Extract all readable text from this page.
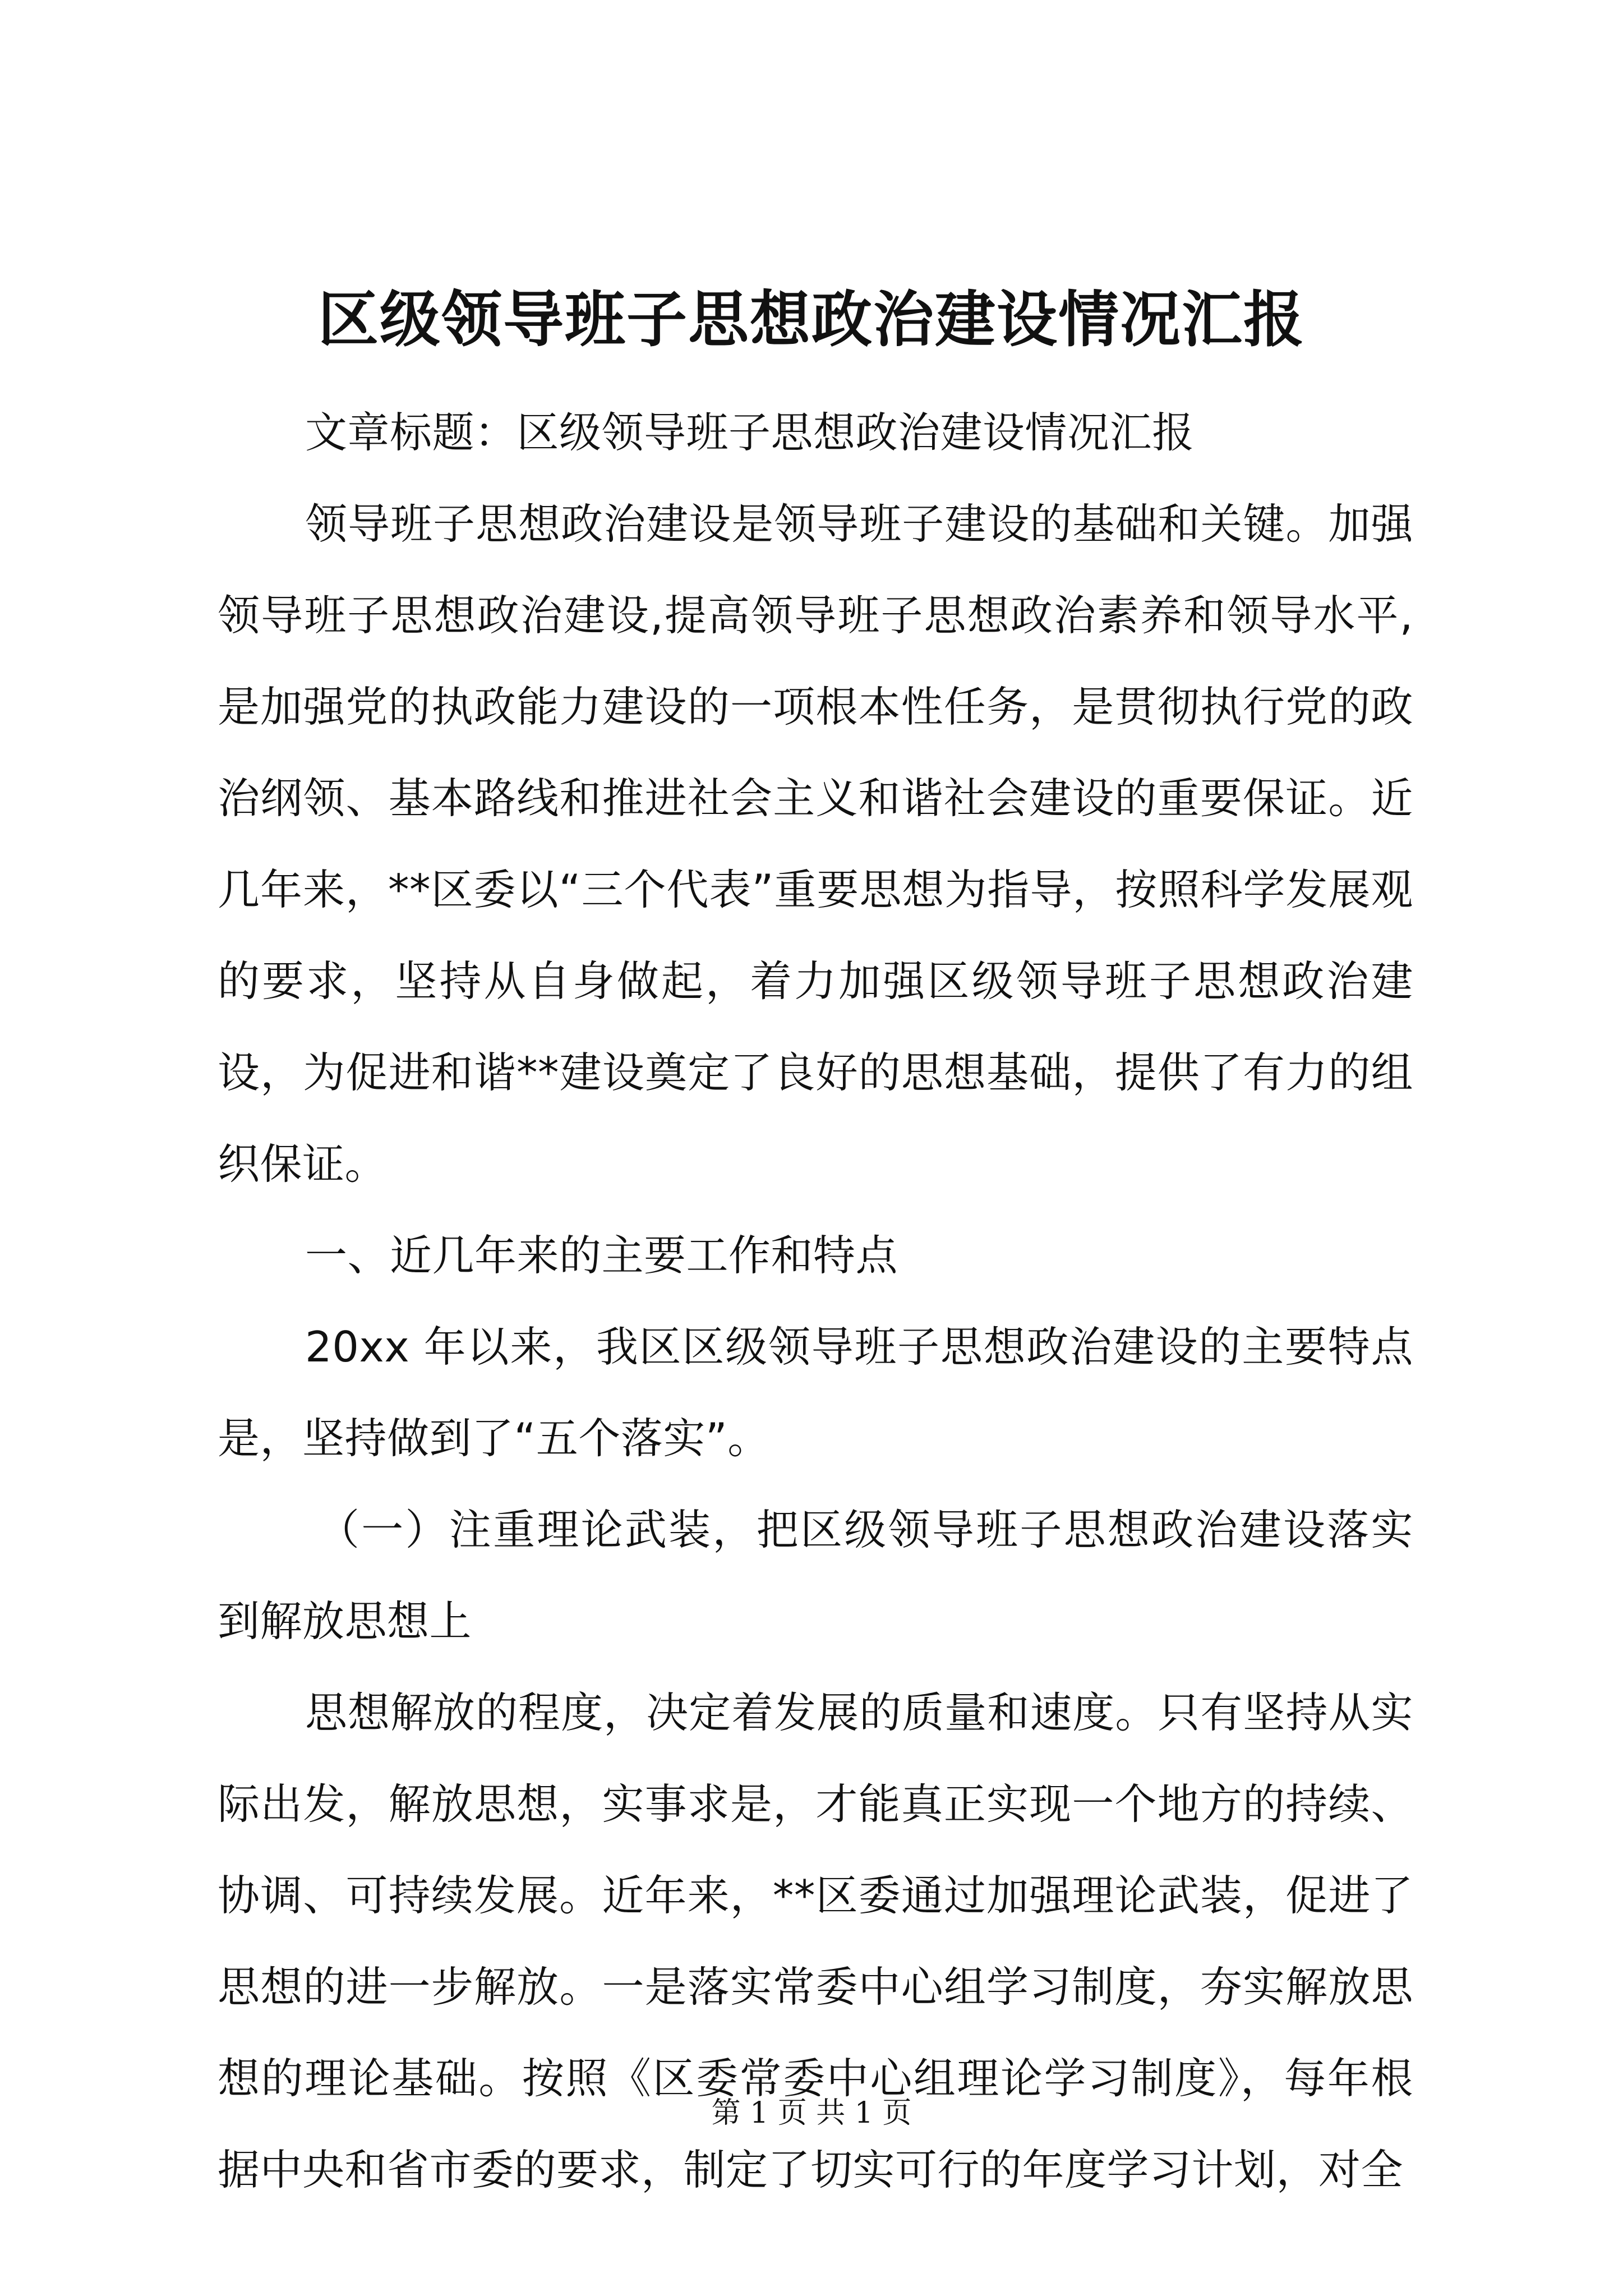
区级领导班子思想政治建设情况汇报

文章标题：区级领导班子思想政治建设情况汇报

领导班子思想政治建设是领导班子建设的基础和关键。加强领导班子思想政治建设,提高领导班子思想政治素养和领导水平,是加强党的执政能力建设的一项根本性任务，是贯彻执行党的政治纲领、基本路线和推进社会主义和谐社会建设的重要保证。近几年来，**区委以“三个代表”重要思想为指导，按照科学发展观的要求，坚持从自身做起，着力加强区级领导班子思想政治建设，为促进和谐**建设奠定了良好的思想基础，提供了有力的组织保证。

一、近几年来的主要工作和特点

20xx 年以来，我区区级领导班子思想政治建设的主要特点是，坚持做到了“五个落实”。

（一）注重理论武装，把区级领导班子思想政治建设落实到解放思想上

思想解放的程度，决定着发展的质量和速度。只有坚持从实际出发，解放思想，实事求是，才能真正实现一个地方的持续、协调、可持续发展。近年来，**区委通过加强理论武装，促进了思想的进一步解放。一是落实常委中心组学习制度，夯实解放思想的理论基础。按照《区委常委中心组理论学习制度》，每年根据中央和省市委的要求，制定了切实可行的年度学习计划，对全

第 1 页 共 1 页
